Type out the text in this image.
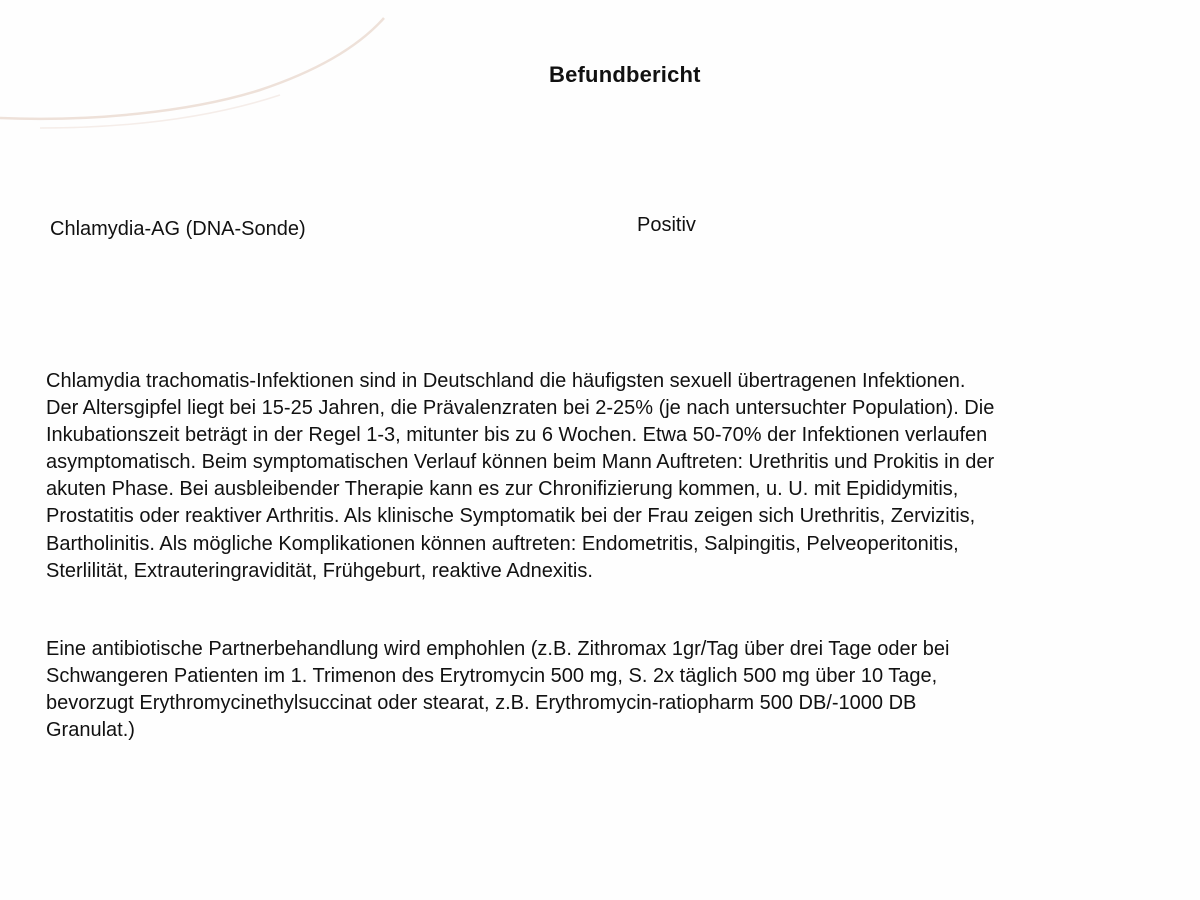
Befundbericht
Chlamydia-AG (DNA-Sonde)	Positiv

Chlamydia trachomatis-Infektionen sind in Deutschland die häufigsten sexuell übertragenen Infektionen.
Der Altersgipfel liegt bei 15-25 Jahren, die Prävalenzraten bei 2-25% (je nach untersuchter Population). Die
Inkubationszeit beträgt in der Regel 1-3, mitunter bis zu 6 Wochen. Etwa 50-70% der Infektionen verlaufen
asymptomatisch. Beim symptomatischen Verlauf können beim Mann Auftreten: Urethritis und Prokitis in der
akuten Phase. Bei ausbleibender Therapie kann es zur Chronifizierung kommen, u. U. mit Epididymitis,
Prostatitis oder reaktiver Arthritis. Als klinische Symptomatik bei der Frau zeigen sich Urethritis, Zervizitis,
Bartholinitis. Als mögliche Komplikationen können auftreten: Endometritis, Salpingitis, Pelveoperitonitis,
Sterlilität, Extrauteringravidität, Frühgeburt, reaktive Adnexitis.

Eine antibiotische Partnerbehandlung wird emphohlen (z.B. Zithromax 1gr/Tag über drei Tage oder bei
Schwangeren Patienten im 1. Trimenon des Erytromycin 500 mg, S. 2x täglich 500 mg über 10 Tage,
bevorzugt Erythromycinethylsuccinat oder stearat, z.B. Erythromycin-ratiopharm 500 DB/-1000 DB
Granulat.)
